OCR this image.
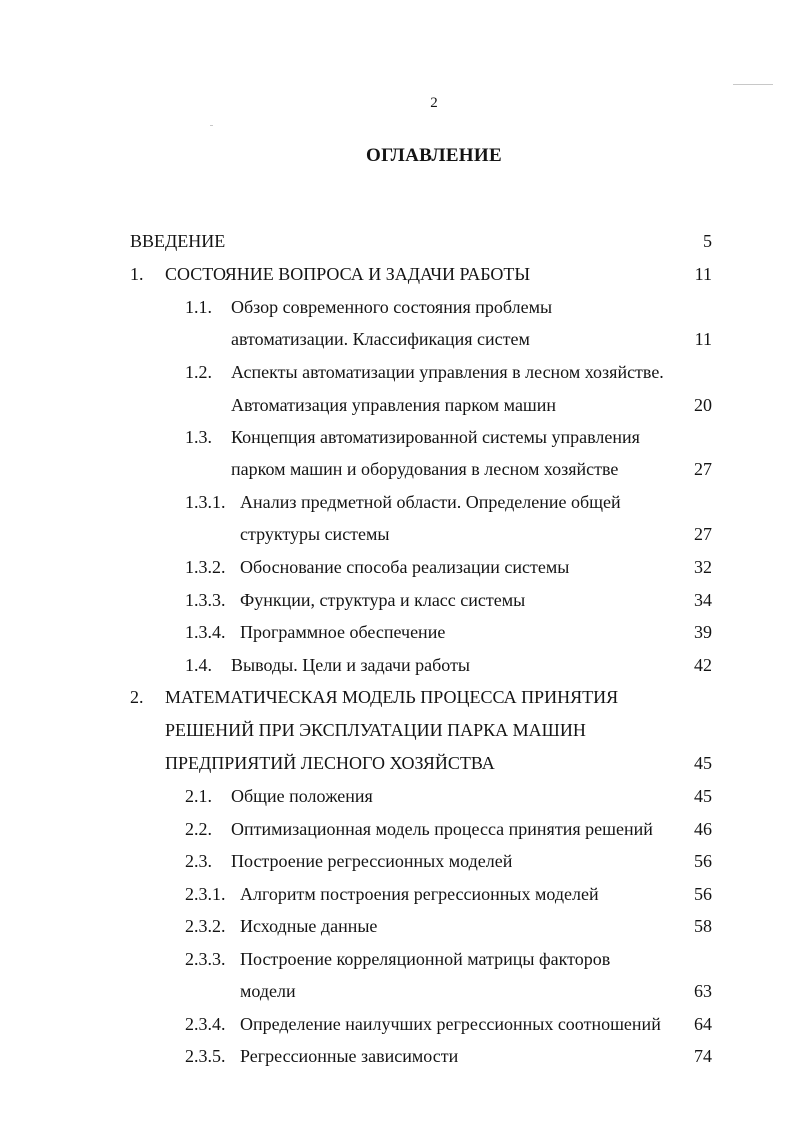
2
ОГЛАВЛЕНИЕ
ВВЕДЕНИЕ	5
1. СОСТОЯНИЕ ВОПРОСА И ЗАДАЧИ РАБОТЫ	11
1.1. Обзор современного состояния проблемы
автоматизации. Классификация систем	11
1.2. Аспекты автоматизации управления в лесном хозяйстве.
Автоматизация управления парком машин	20
1.3. Концепция автоматизированной системы управления
парком машин и оборудования в лесном хозяйстве	27
1.3.1. Анализ предметной области. Определение общей
структуры системы	27
1.3.2. Обоснование способа реализации системы	32
1.3.3. Функции, структура и класс системы	34
1.3.4. Программное обеспечение	39
1.4. Выводы. Цели и задачи работы	42
2. МАТЕМАТИЧЕСКАЯ МОДЕЛЬ ПРОЦЕССА ПРИНЯТИЯ
РЕШЕНИЙ ПРИ ЭКСПЛУАТАЦИИ ПАРКА МАШИН
ПРЕДПРИЯТИЙ ЛЕСНОГО ХОЗЯЙСТВА	45
2.1. Общие положения	45
2.2. Оптимизационная модель процесса принятия решений	46
2.3. Построение регрессионных моделей	56
2.3.1. Алгоритм построения регрессионных моделей	56
2.3.2. Исходные данные	58
2.3.3. Построение корреляционной матрицы факторов
модели	63
2.3.4. Определение наилучших регрессионных соотношений	64
2.3.5. Регрессионные зависимости	74
